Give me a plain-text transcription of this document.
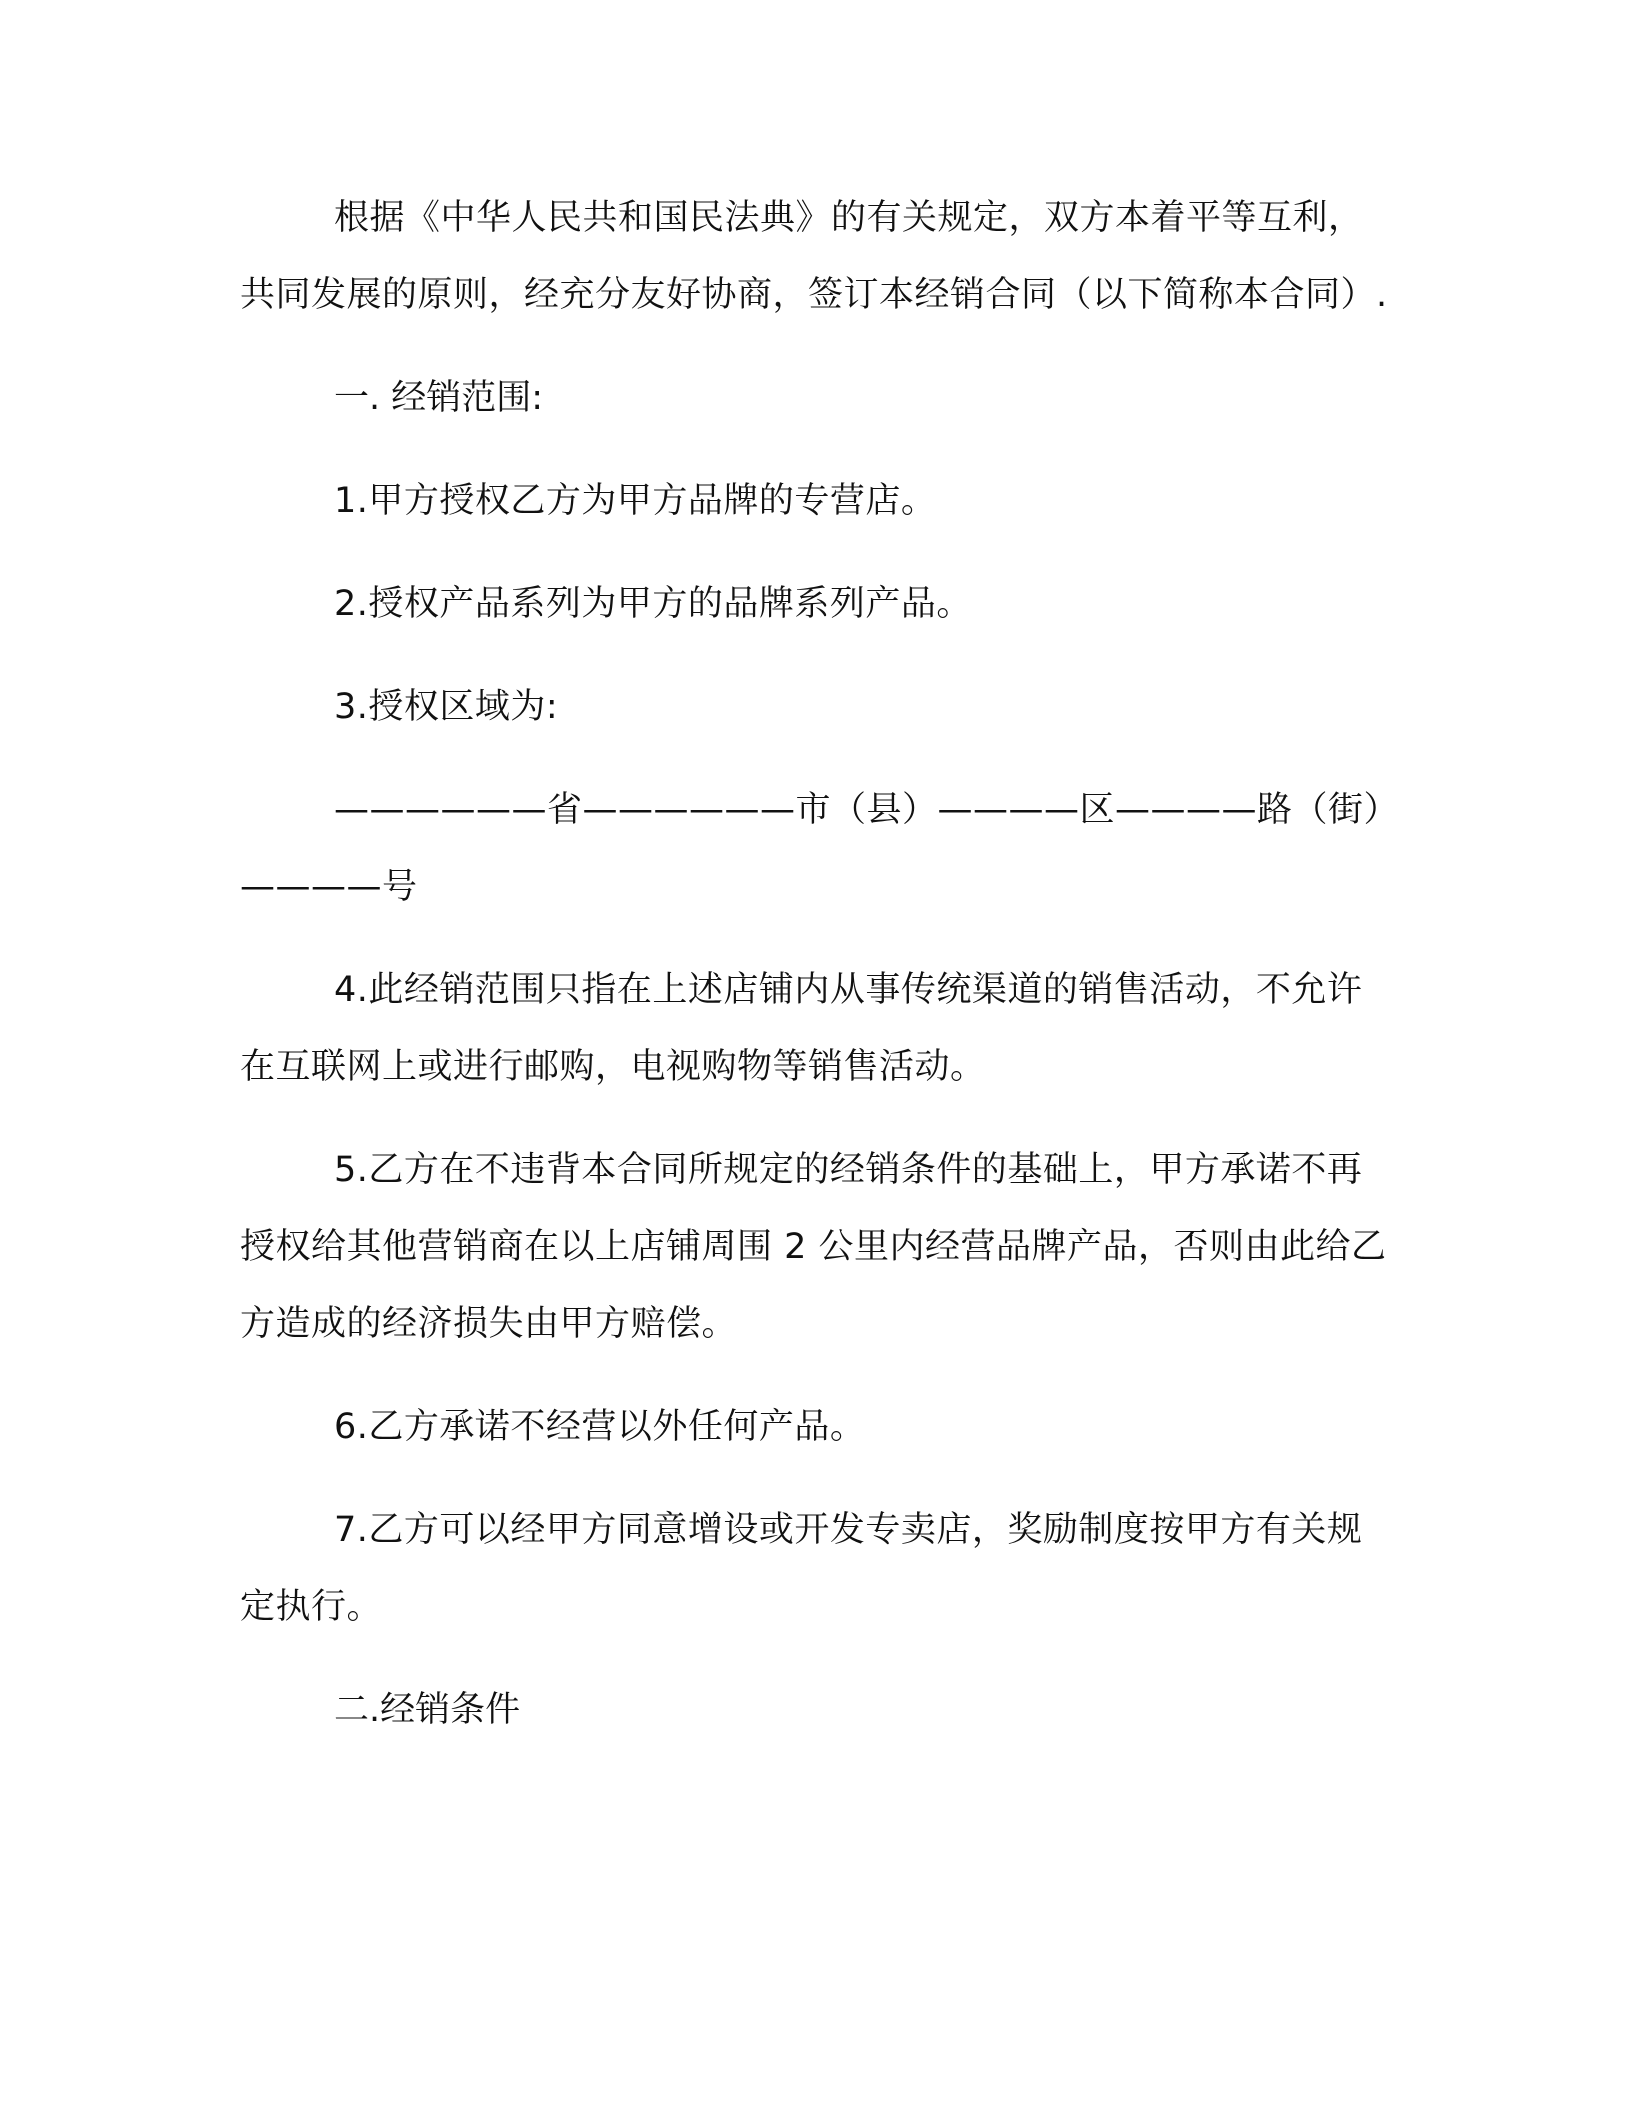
根据《中华人民共和国民法典》的有关规定，双方本着平等互利，共同发展的原则，经充分友好协商，签订本经销合同（以下简称本合同）.

一. 经销范围:

1.甲方授权乙方为甲方品牌的专营店。

2.授权产品系列为甲方的品牌系列产品。

3.授权区域为:

——————省——————市（县）————区————路（街）————号

4.此经销范围只指在上述店铺内从事传统渠道的销售活动，不允许在互联网上或进行邮购，电视购物等销售活动。

5.乙方在不违背本合同所规定的经销条件的基础上，甲方承诺不再授权给其他营销商在以上店铺周围 2 公里内经营品牌产品，否则由此给乙方造成的经济损失由甲方赔偿。

6.乙方承诺不经营以外任何产品。

7.乙方可以经甲方同意增设或开发专卖店，奖励制度按甲方有关规定执行。

二.经销条件
